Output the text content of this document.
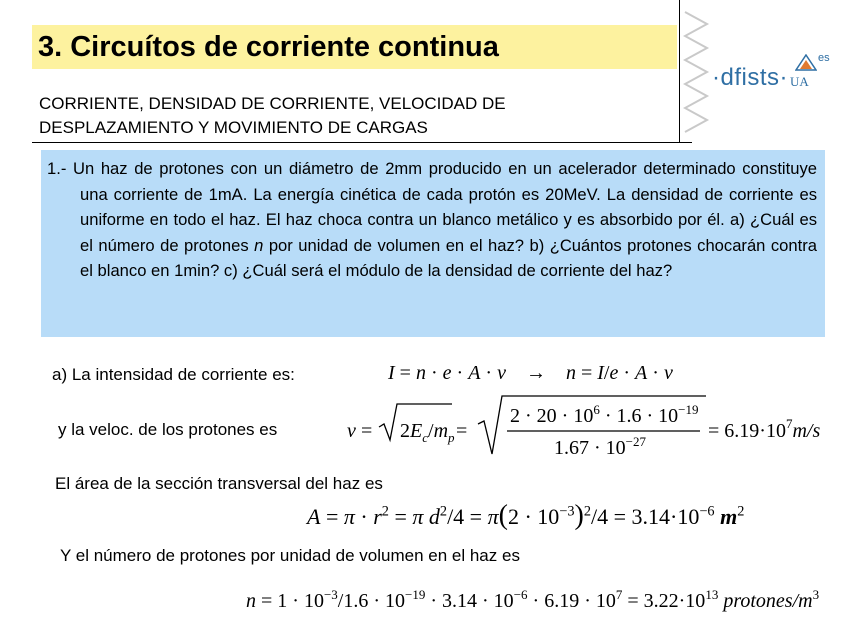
3. Circuítos de corriente continua
·dfists· UA
es
CORRIENTE, DENSIDAD DE CORRIENTE, VELOCIDAD DE DESPLAZAMIENTO Y MOVIMIENTO DE CARGAS
1.- Un haz de protones con un diámetro de 2mm producido en un acelerador determinado constituye una corriente de 1mA. La energía cinética de cada protón es 20MeV. La densidad de corriente es uniforme en todo el haz. El haz choca contra un blanco metálico y es absorbido por él. a) ¿Cuál es el número de protones n por unidad de volumen en el haz? b) ¿Cuántos protones chocarán contra el blanco en 1min? c) ¿Cuál será el módulo de la densidad de corriente del haz?
a) La intensidad de corriente es:	I = n · e · A · v    →    n = I/e · A · v
y la veloc. de los protones es	$v = 2E_c/m_p$ =
$2 \cdot 20 \cdot 10^6 \cdot 1.6 \cdot 10^{-19}$
$1.67 \cdot 10^{-27}$	= $6.19\cdot 10^7m/s$
El área de la sección transversal del haz es
$A = \pi \cdot r^2 = \pi$ $d^2/4 = \pi(2 \cdot 10^{-3})^2/4 = 3.14\cdot 10^{-6}$ $m^2$
Y el número de protones por unidad de volumen en el haz es
$n = 1 \cdot 10^{-3}/1.6 \cdot 10^{-19} \cdot 3.14 \cdot 10^{-6} \cdot 6.19 \cdot 10^7 = 3.22\cdot 10^{13}$ protones/$m^3$
